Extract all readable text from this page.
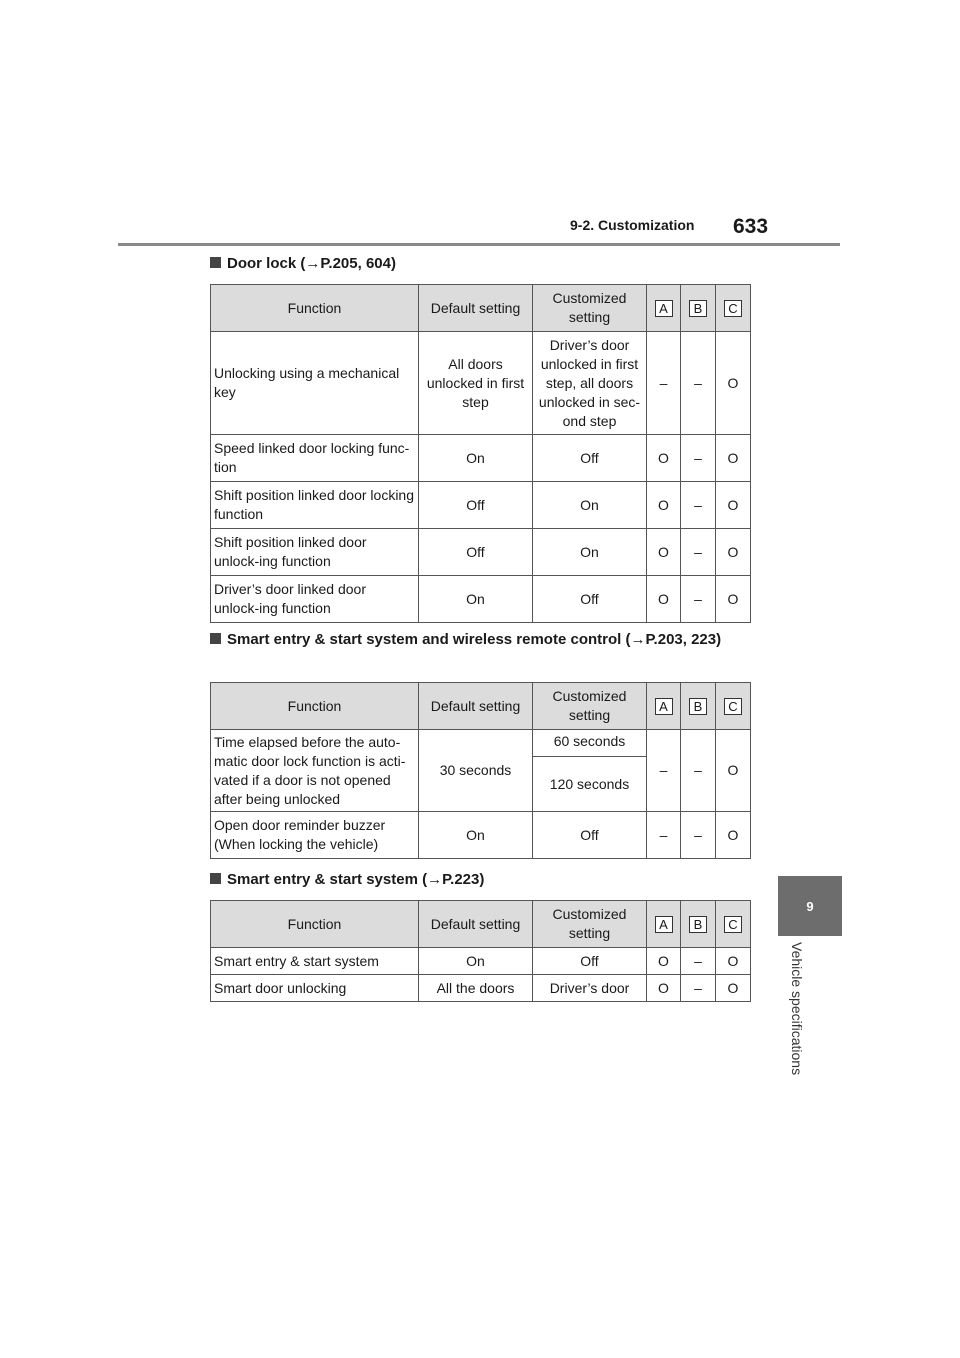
9-2. Customization 633
9
Vehicle specifications
Door lock (→P.205, 604)
Function	Default setting	Customized setting	A	B	C
Unlocking using a mechanical key	All doors unlocked in first step	Driver’s door unlocked in first step, all doors unlocked in sec-ond step	–	–	O
Speed linked door locking func-tion	On	Off	O	–	O
Shift position linked door locking function	Off	On	O	–	O
Shift position linked door unlock-ing function	Off	On	O	–	O
Driver’s door linked door unlock-ing function	On	Off	O	–	O
Smart entry & start system and wireless remote control (→P.203, 223)
Function	Default setting	Customized setting	A	B	C
Time elapsed before the auto-matic door lock function is acti-vated if a door is not opened after being unlocked	30 seconds	60 seconds	–	–	O
		120 seconds			
Open door reminder buzzer (When locking the vehicle)	On	Off	–	–	O
Smart entry & start system (→P.223)
Function	Default setting	Customized setting	A	B	C
Smart entry & start system	On	Off	O	–	O
Smart door unlocking	All the doors	Driver’s door	O	–	O
